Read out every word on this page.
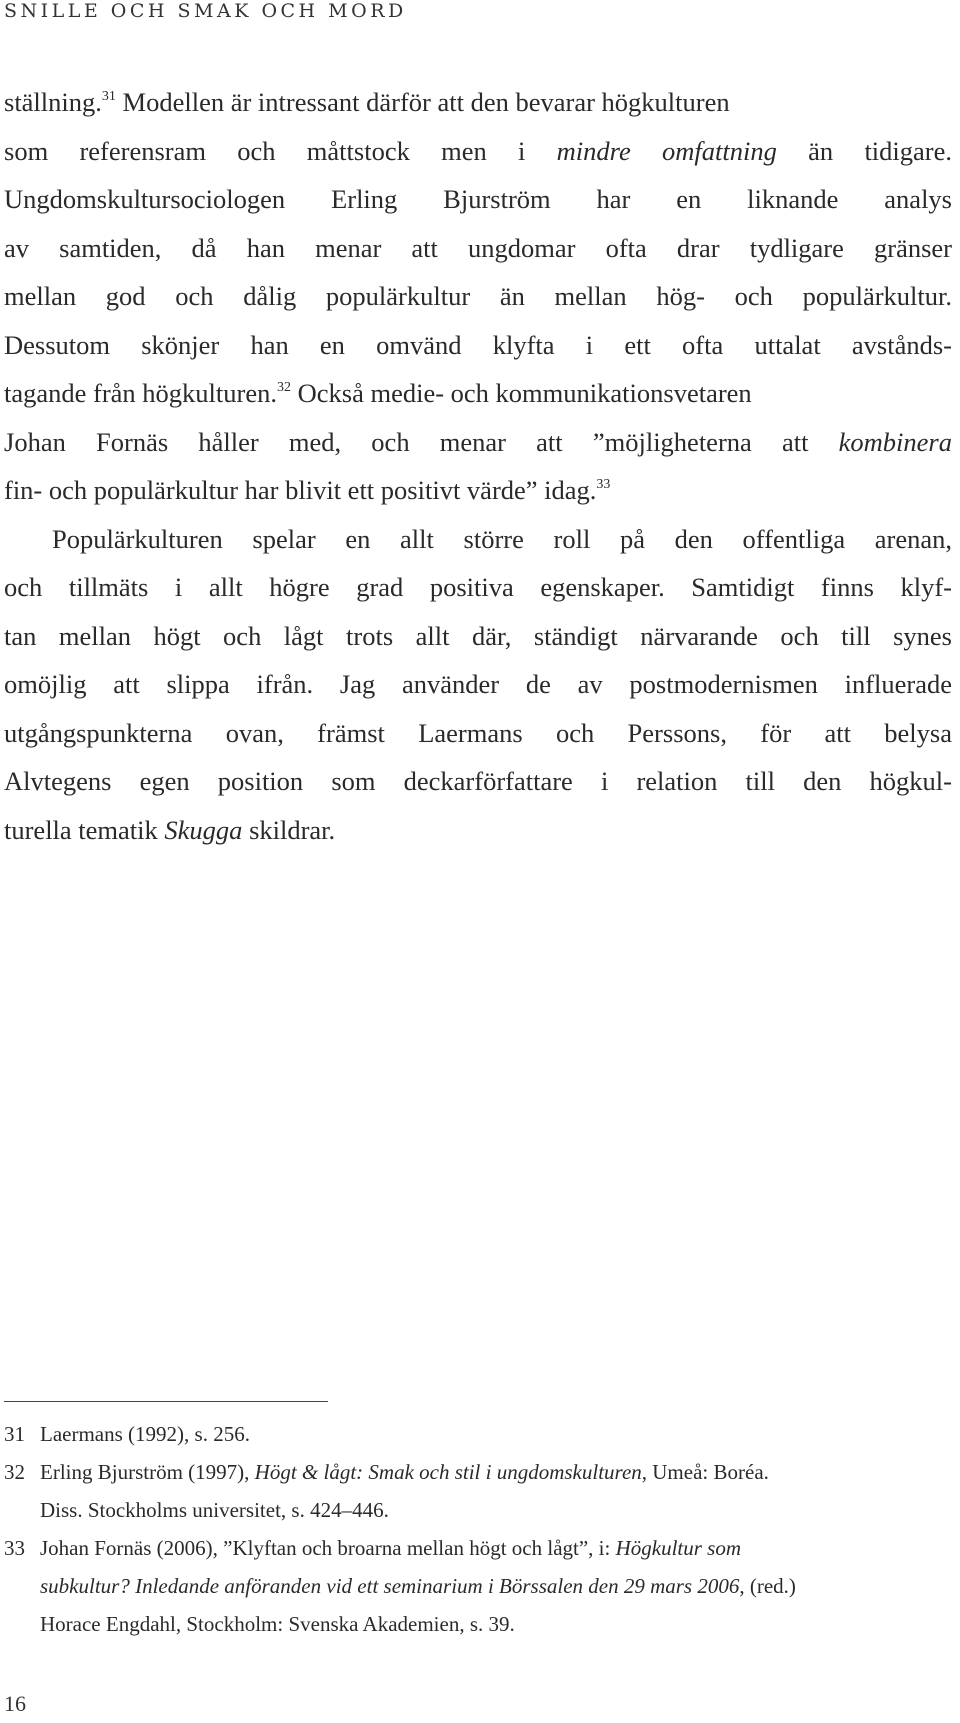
SNILLE OCH SMAK OCH MORD
ställning.$^{31}$ Modellen är intressant därför att den bevarar högkulturen
som referensram och måttstock men i mindre omfattning än tidigare.
Ungdomskultursociologen Erling Bjurström har en liknande analys
av samtiden, då han menar att ungdomar ofta drar tydligare gränser
mellan god och dålig populärkultur än mellan hög- och populärkultur.
Dessutom skönjer han en omvänd klyfta i ett ofta uttalat avstånds-
tagande från högkulturen.$^{32}$ Också medie- och kommunikationsvetaren
Johan Fornäs håller med, och menar att ”möjligheterna att kombinera
fin- och populärkultur har blivit ett positivt värde” idag.$^{33}$
Populärkulturen spelar en allt större roll på den offentliga arenan,
och tillmäts i allt högre grad positiva egenskaper. Samtidigt finns klyf-
tan mellan högt och lågt trots allt där, ständigt närvarande och till synes
omöjlig att slippa ifrån. Jag använder de av postmodernismen influerade
utgångspunkterna ovan, främst Laermans och Perssons, för att belysa
Alvtegens egen position som deckarförfattare i relation till den högkul-
turella tematik Skugga skildrar.
31 Laermans (1992), s. 256.
32 Erling Bjurström (1997), Högt & lågt: Smak och stil i ungdomskulturen, Umeå: Boréa.
Diss. Stockholms universitet, s. 424–446.
33 Johan Fornäs (2006), ”Klyftan och broarna mellan högt och lågt”, i: Högkultur som
subkultur? Inledande anföranden vid ett seminarium i Börssalen den 29 mars 2006, (red.)
Horace Engdahl, Stockholm: Svenska Akademien, s. 39.
16
